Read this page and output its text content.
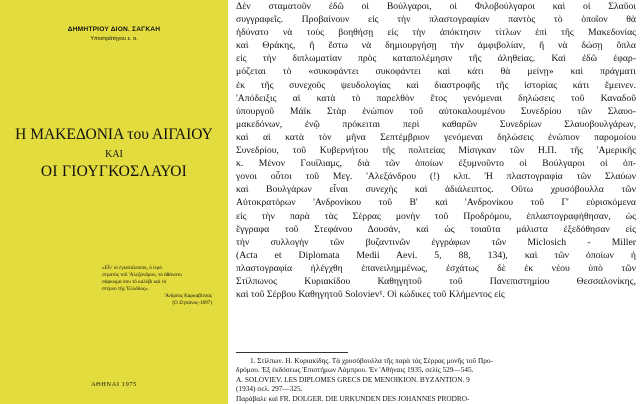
ΔΗΜΗΤΡΙΟΥ ΔΙΟΝ. ΣΑΓΚΑΗ
Υποστράτηγου ε. α.
Η ΜΑΚΕΔΟΝΙΑ του ΑΙΓΑΙΟΥ
ΚΑΙ
ΟΙ ΓΙΟΥΓΚΟΣΛΑΥΟΙ
«Εἶν' οἱ ἐγκατάλοιποι, ὁ ἱερὸ
στρατὸς τοῦ 'Αλεξάνδρου, τὸ ἀθάνατο
σάρκωμα σου τὸ καλύβι καὶ τὸ
στέρνο τῆς 'Ελλάδος».
'Ανδρέας Καρκαβίτσας
(Ο Ζητιάνος-1897)
ΑΘΗΝΑΙ 1975
Δὲν σταματοῦν ἐδῶ οἱ Βούλγαροι, οἱ Φιλοβούλγαροι καὶ οἱ Σλαῦοι
συγγραφεῖς. Προβαίνουν εἰς τὴν πλαστογραφίαν παντὸς τὸ ὁποῖον θὰ
ἠδύνατο νὰ τοὺς βοηθήσῃ εἰς τὴν ἀπόκτησιν τίτλων ἐπὶ τῆς Μακεδονίας
καὶ Θράκης, ἢ ἔστω νὰ δημιουργήσῃ τὴν ἀμφιβολίαν, ἢ νὰ δώσῃ ὅπλα
εἰς τὴν διπλωματίαν πρὸς καταπολέμησιν τῆς ἀληθείας. Καὶ ἐδῶ ἐφαρ-
μόζεται τὸ «συκοφάντει συκοφάντει καὶ κάτι θὰ μείνῃ» καὶ πράγματι
ἐκ τῆς συνεχοῦς ψευδολογίας καὶ διαστροφῆς τῆς ἱστορίας κάτι ἔμεινεν.
'Απόδειξις αἱ κατὰ τὸ παρελθὸν ἔτος γενόμεναι δηλώσεις τοῦ Καναδοῦ
ὑπουργοῦ Μάϊκ Στὰρ ἐνώπιον τοῦ αὐτοκαλουμένου Συνεδρίου τῶν Σλαυο-
μακεδόνων, ἐνῷ πρόκειται περὶ καθαρῶν Συνεδρίων Σλαυοβουλγάρων,
καὶ αἱ κατὰ τὸν μῆνα Σεπτέμβριον γενόμεναι δηλώσεις ἐνώπιον παρομοίου
Συνεδρίου, τοῦ Κυβερνήτου τῆς πολιτείας Μίσιγκαν τῶν Η.Π. τῆς 'Αμερικῆς
κ. Μένον Γουΐλιαμς, διὰ τῶν ὁποίων ἐξυμνοῦντο οἱ Βούλγαροι οἱ ὁπ-
γονοι οὗτοι τοῦ Μεγ. 'Αλεξάνδρου (!) κλπ. 'Η πλαστογραφία τῶν Σλαύων
καὶ Βουλγάρων εἶναι συνεχὴς καὶ ἀδιάλειπτος. Οὕτω χρυσόβουλλα τῶν
Αὐτοκρατόρων 'Ανδρονίκου τοῦ Β' καὶ 'Ανδρονίκου τοῦ Γ' εὑρισκόμενα
εἰς τὴν παρὰ τὰς Σέρρας μονὴν τοῦ Προδρόμου, ἐπλαστογραφήθησαν, ὡς
ἔγγραφα τοῦ Στεφάνου Δουσάν, καὶ ὡς τοιαῦτα μάλιστα ἐξεδόθησαν εἰς
τὴν συλλογὴν τῶν βυζαντινῶν ἐγγράφων τῶν Miclosich - Miller
(Acta et Diplomata Medii Aevi. 5, 88, 134), καὶ τῶν ὁποίων ἡ
πλαστογραφία ἠλέγχθη ἐπανειλημμένως, ἐσχάτως δὲ ἐκ νέου ὑπὸ τῶν
Στίλπωνος Κυριακίδου Καθηγητοῦ τοῦ Πανεπιστημίου Θεσσαλονίκης,
καὶ τοῦ Σέρβου Καθηγητοῦ Soloviev¹. Οἱ κώδικες τοῦ Κλήμεντος εἰς
1. Στίλπων. Η. Κυριακίδης. Τὰ χρυσόβουλλα τῆς παρὰ τὰς Σέρρας μονῆς τοῦ Προ-
δρόμου. Ἐξ ἐκδόσεως Ἐπιστήμων Λάμπρου. Ἐν 'Αθήναις 1935, σελίς 529—545.
A. SOLOVIEV. LES DIPLOMES GRECS DE MENOIKION. BYZANTION. 9
(1934) σελ. 297—325.
Παράβαλε καὶ FR. DOLGER. DIE URKUNDEN DES JOHANNES PRODRO-
